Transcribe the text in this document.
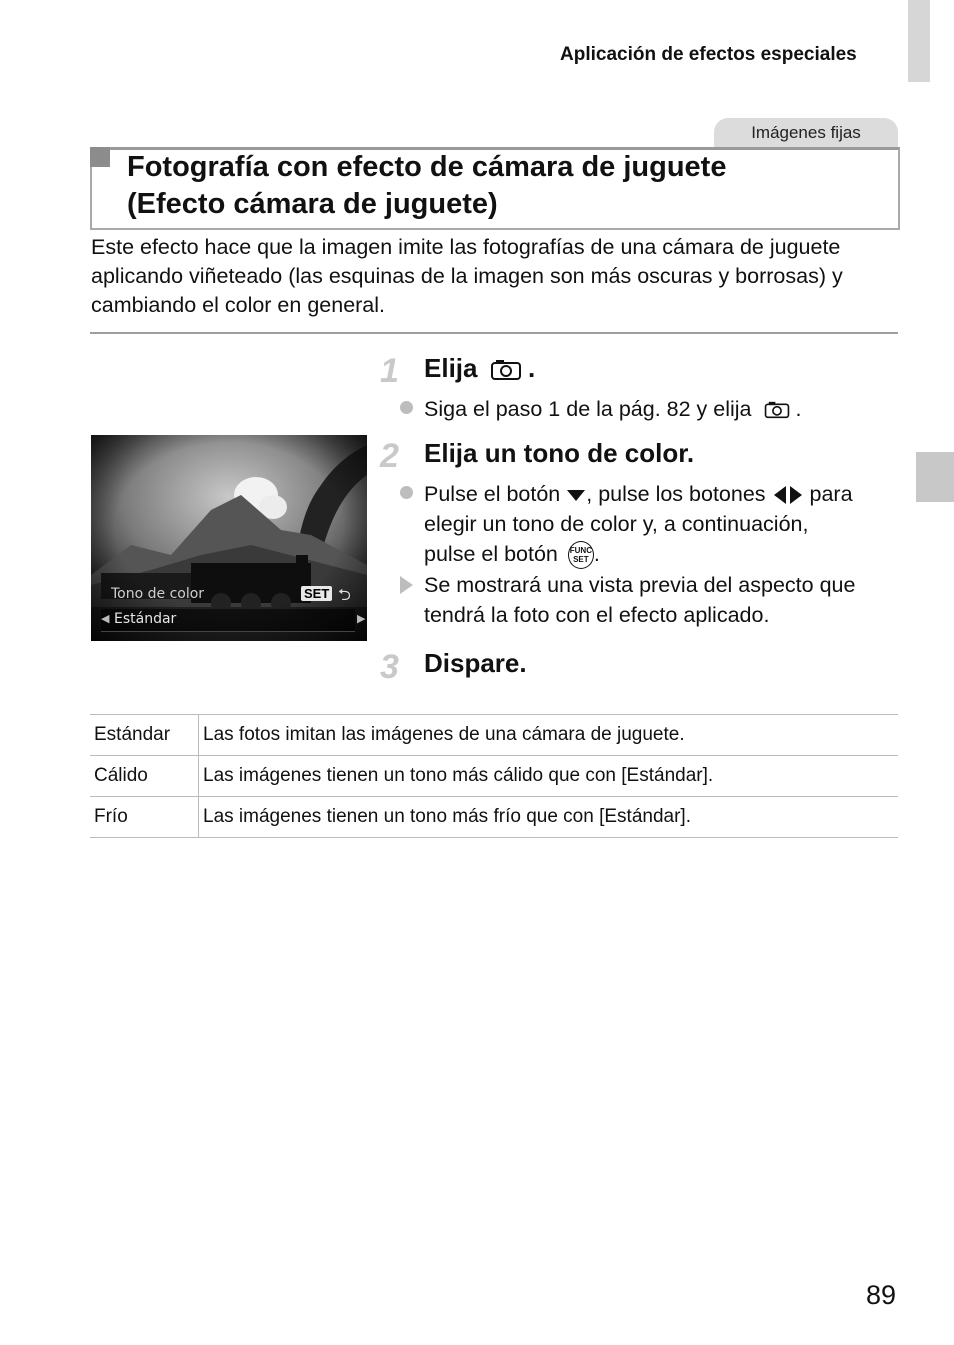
Aplicación de efectos especiales
Imágenes fijas
Fotografía con efecto de cámara de juguete
(Efecto cámara de juguete)
Este efecto hace que la imagen imite las fotografías de una cámara de juguete aplicando viñeteado (las esquinas de la imagen son más oscuras y borrosas) y cambiando el color en general.
1 Elija .
Siga el paso 1 de la pág. 82 y elija .
Tono de color	SET ⮌
◀ Estándar	▶
2 Elija un tono de color.
Pulse el botón , pulse los botones para
elegir un tono de color y, a continuación,
pulse el botón FUNC
SET .
Se mostrará una vista previa del aspecto que
tendrá la foto con el efecto aplicado.
3 Dispare.
Estándar	Las fotos imitan las imágenes de una cámara de juguete.
Cálido	Las imágenes tienen un tono más cálido que con [Estándar].
Frío	Las imágenes tienen un tono más frío que con [Estándar].
89
